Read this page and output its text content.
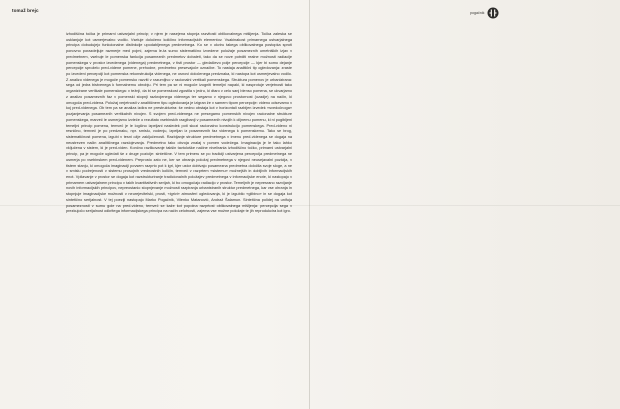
tomaž brejc	pogačnik

izhodiščna točka je primarni ustvarjalni princip; v njem je nasejena stopnja razvitosti oblikovalnega mišljenja. Točka zaleska se usklanjuje kot usmerjevalno vodilo. Vseluje določeno količino informacijskih elementov. Vsakinakost primarnega ustvarjalnega principa dobudujejo funkcionalne distinkcije upodabljenega predmetnega. Ko se v okviru takega oblikovalnega postopka sproti ponovno porazdeljuje razmerje med pojmi, zajema le-ta sumo sistematično izvedene položaje posameznih umetniških izjav v predmetnem, vsebuje le pomenska fankcija posameznih predmetov dobaleti, tako da se nove potrditi realne možnosti radiacije pomenskega v prostor izvedenega (videnega) predmetnega, v tisti prostor — gledalčevo polje percepcije — kjer bi somo dejanje percepcije sproželo pred-videne pomene, prehodne, predmetno presevajoče označbe. To nastaja analitični tip ogledovanja: zraste po izvedeni percepciji kot pomenska rekonstrukcija videnega, ne osnovi določenega predznaka, ki nastopa kot usmerjevalno vodilo. Z analizo videnega je mogoče pomensko razviti v razumljivo v racionalni vertikali pomenskega. Struktura pomenov je urbanizirana: sega od jedra bistvenega k formalnemu obrobju. Pri tem pa se ni mogoče izogniti temeljni napaki, ki nasprotuje verjetnosti tako organizirane vertikale pomenskega: v težnji, da bi se pomenskost zgostila v jedru, ki dtaro v celo sanj blenso pomena, se ukvarjamo z analizo posameznih faz v pomenski stopnji razkrojenega videnega ter segamo v njegovo prostornost (ozadje) na način, ki omogoča pred-videna. Položaj verjetnosti v analitičnem tipu ogledovanja je izigran že v samem tipom percepcije: videno odsevamo v koj pred-videnega. Ob tem pa se analiza izdira ne prestrukturira: še vedno obstaja kot v horizontali razbijen izvedek «svedočnoga» pozjanjevanja posameznih vertikalnih nivojev. S svojem pred-videnega ne presegamo pomenskih nivojev racionalne strukture pomenskega, marveč le usmerjamo izvleče o rezultato vsebinskih razgibanji v posameznih nivojih k ciljnemu pomenu, ki ni pogibljeni temeljni princip pomena, temveč je le logično izpeljani nasledek poti skozi racionalno konstrukcijo pomenskega. Pred-videno ni resnično, temveč je po predznaku, npr. smislu, vodenju, izpeljan iz posameznih faz videnega k pomenskemu. Tako se brog, sistematičnost pomena, izgubi v tesni ožje zaključenosti. Razbijanje strukture predmetnega v imenu pred-videnega se dogaja na neustrezen način analitičnega razslojevanja. Predmetno tako obvoja znalaj v pomen vodečega. Imaginacija je le tako lahko vključena v sistem, ki je pred-viden. Končno razlikovanje takšin tavtološke načine nivelirania izhodiščno točko, primarni ustvarjalni princip, pa je mogoče ugledati še z druge pozicije: sintetične. V tem primeru se po tradiciji ustvarjena percepcija predmetnega ne usmerja po vsebinskem pred-videnem. Preprosto zato ne, ker se obranja položaj predmetnega v njegovi neusejavalni pozicija, v tistem stanju, ki omogoča imaginaciji povsem razprto pot k igri, kjer ustor dobivajo posamezna predmetna določila svoje sloge, a ne v smislu podrejenosti v sistemu prosojnih vrednostnih količin, temveč v razprtem «sistemu» možnejših in dobljivih informacijskih enot. Vpilavanje v prostor se dogaja kot razstrukturiranje tradicionalnih položajev predmetnega v informacijske enote, ki nastopajo v primarnem ustvarjalnem principu v takih kvantitativnih serijah, ki bo omogočajo radiacijo v prostor. Temeljnih je nepresrano razvijanje novih informacijskih principov, nepreostanio stopnjevanje možnosti razpiranja urbanistranih struktur predmetnega, kar vse ohranja in stopnjuje imaginacijske možnosti v neurejevitelski, prosti, «igrivi» atmosferi ogledovanja, ki je izgubilo «glibino» in se dogaja kot sintetično serijalnost. V tej poeziji nastopajo Marko Pogačnik, Vilenko Matanović, Andraž Šalamun. Sintetična polidej na unifuja posameznosti v sumu gole na pred-videno, temveč se kaže kot popolna razprtost oblikovalnega mišljenja: percepcija sega v prezkujočo serijalnost odkritega informacijskega principa na način celotnosti, zajema vse možne položaje te jih reprodukcira kot igro.
